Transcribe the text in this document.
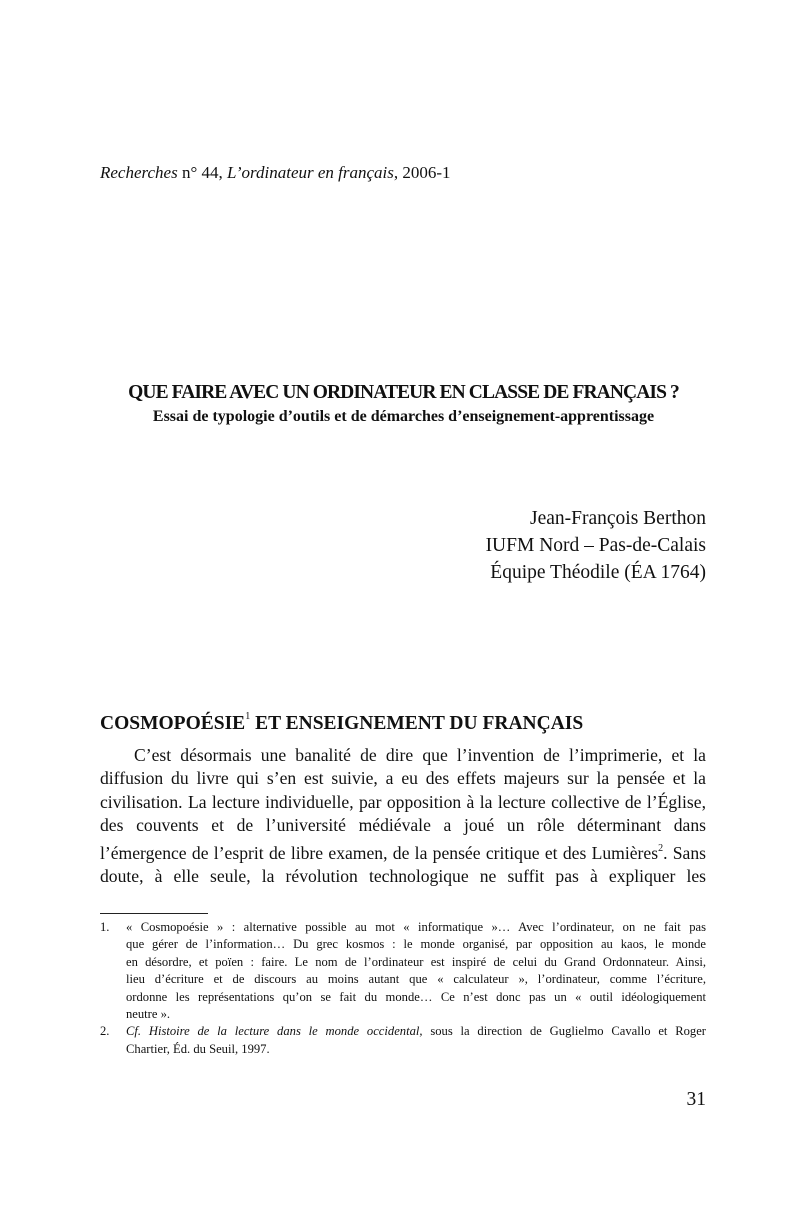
Recherches n° 44, L’ordinateur en français, 2006-1
QUE FAIRE AVEC UN ORDINATEUR EN CLASSE DE FRANÇAIS ?
Essai de typologie d’outils et de démarches d’enseignement-apprentissage
Jean-François Berthon
IUFM Nord – Pas-de-Calais
Équipe Théodile (ÉA 1764)
COSMOPOÉSIE$^1$ ET ENSEIGNEMENT DU FRANÇAIS
C’est désormais une banalité de dire que l’invention de l’imprimerie, et la
diffusion du livre qui s’en est suivie, a eu des effets majeurs sur la pensée et la
civilisation. La lecture individuelle, par opposition à la lecture collective de l’Église,
des couvents et de l’université médiévale a joué un rôle déterminant dans
l’émergence de l’esprit de libre examen, de la pensée critique et des Lumières$^2$. Sans
doute, à elle seule, la révolution technologique ne suffit pas à expliquer les
1. « Cosmopoésie » : alternative possible au mot « informatique »… Avec l’ordinateur, on ne fait pas
que gérer de l’information… Du grec kosmos : le monde organisé, par opposition au kaos, le monde
en désordre, et poïen : faire. Le nom de l’ordinateur est inspiré de celui du Grand Ordonnateur. Ainsi,
lieu d’écriture et de discours au moins autant que « calculateur », l’ordinateur, comme l’écriture,
ordonne les représentations qu’on se fait du monde… Ce n’est donc pas un « outil idéologiquement
neutre ».
2. Cf. Histoire de la lecture dans le monde occidental, sous la direction de Guglielmo Cavallo et Roger
Chartier, Éd. du Seuil, 1997.
31
